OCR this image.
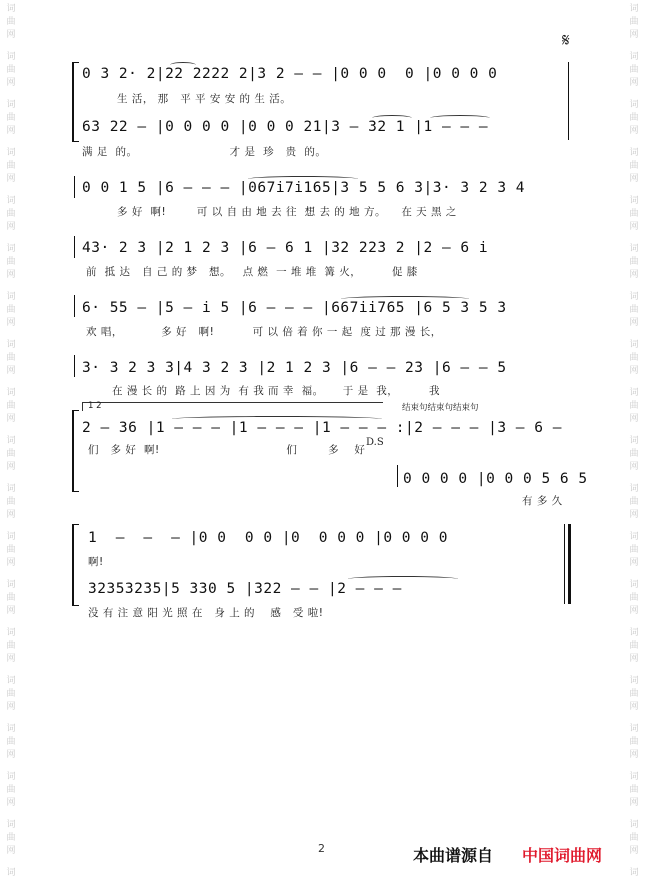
词
曲
网
词
曲
网
词
曲
网
词
曲
网
词
曲
网
词
曲
网
词
曲
网
词
曲
网
词
曲
网
词
曲
网
词
曲
网
词
曲
网
词
曲
网
词
曲
网
词
曲
网
词
曲
网
词
曲
网
词
曲
网
词
词
曲
网
词
曲
网
词
曲
网
词
曲
网
词
曲
网
词
曲
网
词
曲
网
词
曲
网
词
曲
网
词
曲
网
词
曲
网
词
曲
网
词
曲
网
词
曲
网
词
曲
网
词
曲
网
词
曲
网
词
曲
网
词
𝄋
0 3 2· 2|22 2222 2|3 2 — — |0 0 0  0 |0 0 0 0
生 活， 那   平 平 安 安 的 生 活。
63 22 — |0 0 0 0 |0 0 0 21|3 — 32 1 |1 — — —
满 足  的。                        才 是  珍   贵  的。
0 0 1 5 |6 — — — |067i7i165|3 5 5 6 3|3· 3 2 3 4
多 好  啊!        可 以 自 由 地 去 往  想 去 的 地 方。    在 天 黑 之
43· 2 3 |2 1 2 3 |6 — 6 1 |32 223 2 |2 — 6 i
前  抵 达   自 己 的 梦   想。   点 燃  一 堆 堆  篝 火，        促 膝
6· 55 — |5 — i 5 |6 — — — |667ii765 |6 5 3 5 3
欢 唱，          多 好   啊!          可 以 倍 着 你 一 起  度 过 那 漫 长，
3· 3 2 3 3|4 3 2 3 |2 1 2 3 |6 — — 23 |6 — — 5
在 漫 长 的  路 上 因 为  有 我 而 幸  福。     于 是  我，        我
1 2	结束句结束句结束句
2 — 36 |1 — — — |1 — — — |1 — — — :|2 — — — |3 — 6 —
D.S
们   多 好  啊!                                 们        多    好
0 0 0 0 |0 0 0 5 6 5
有 多 久
1  —  —  — |0 0  0 0 |0  0 0 0 |0 0 0 0
啊!
32353235|5 330 5 |322 — — |2 — — —
没 有 注 意 阳 光 照 在   身 上 的    感   受 啦!
2	本曲谱源自 中国词曲网
